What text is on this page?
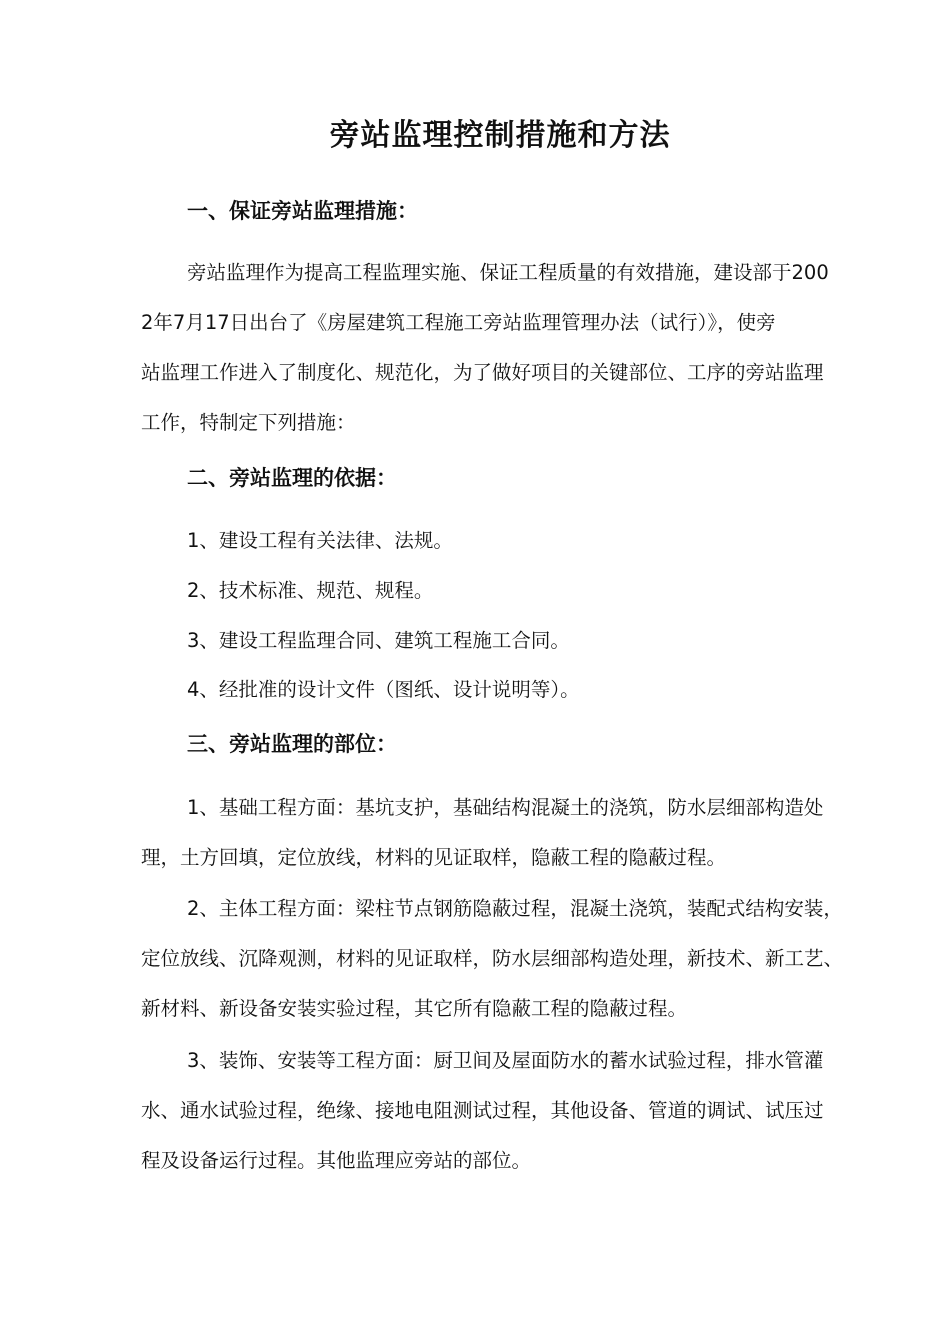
旁站监理控制措施和方法
一、保证旁站监理措施：

旁站监理作为提高工程监理实施、保证工程质量的有效措施，建设部于200

2年7月17日出台了《房屋建筑工程施工旁站监理管理办法（试行）》，使旁

站监理工作进入了制度化、规范化，为了做好项目的关键部位、工序的旁站监理

工作，特制定下列措施：

二、旁站监理的依据：

1、建设工程有关法律、法规。

2、技术标准、规范、规程。

3、建设工程监理合同、建筑工程施工合同。

4、经批准的设计文件（图纸、设计说明等）。

三、旁站监理的部位：

1、基础工程方面：基坑支护，基础结构混凝土的浇筑，防水层细部构造处

理，土方回填，定位放线，材料的见证取样，隐蔽工程的隐蔽过程。

2、主体工程方面：梁柱节点钢筋隐蔽过程，混凝土浇筑，装配式结构安装，

定位放线、沉降观测，材料的见证取样，防水层细部构造处理，新技术、新工艺、

新材料、新设备安装实验过程，其它所有隐蔽工程的隐蔽过程。

3、装饰、安装等工程方面：厨卫间及屋面防水的蓄水试验过程，排水管灌

水、通水试验过程，绝缘、接地电阻测试过程，其他设备、管道的调试、试压过

程及设备运行过程。其他监理应旁站的部位。
